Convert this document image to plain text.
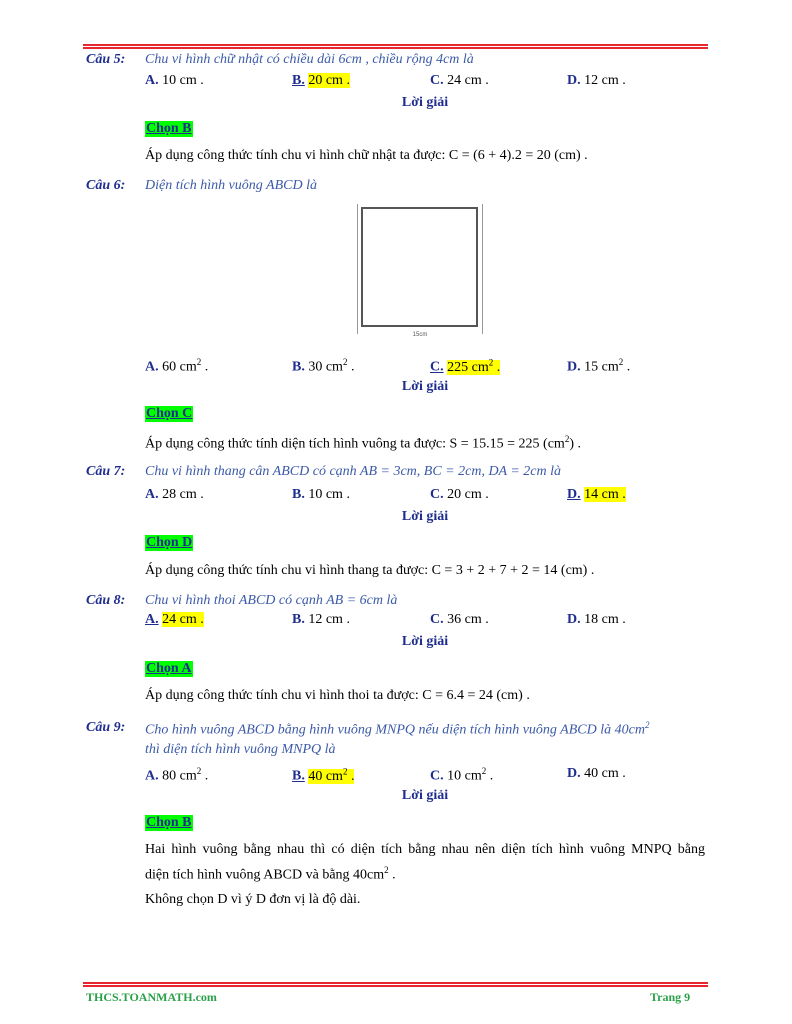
Câu 5: Chu vi hình chữ nhật có chiều dài 6cm , chiều rộng 4cm là
A. 10 cm .	B. 20 cm .	C. 24 cm .	D. 12 cm .
Lời giải
Chọn B
Áp dụng công thức tính chu vi hình chữ nhật ta được: C = (6 + 4).2 = 20 (cm) .
Câu 6: Diện tích hình vuông ABCD là
15cm
A. 60 $cm^2$ .	B. 30 $cm^2$ .	C. 225 $cm^2$ .	D. 15 $cm^2$ .
Lời giải
Chọn C
Áp dụng công thức tính diện tích hình vuông ta được: S = 15.15 = 225 $(cm^2)$ .
Câu 7: Chu vi hình thang cân ABCD có cạnh AB = 3cm, BC = 2cm, DA = 2cm là
A. 28 cm .	B. 10 cm .	C. 20 cm .	D. 14 cm .
Lời giải
Chọn D
Áp dụng công thức tính chu vi hình thang ta được: C = 3 + 2 + 7 + 2 = 14 (cm) .
Câu 8: Chu vi hình thoi ABCD có cạnh AB = 6cm là
A. 24 cm .	B. 12 cm .	C. 36 cm .	D. 18 cm .
Lời giải
Chọn A
Áp dụng công thức tính chu vi hình thoi ta được: C = 6.4 = 24 (cm) .
Câu 9: Cho hình vuông ABCD bằng hình vuông MNPQ nếu diện tích hình vuông ABCD là $40cm^2$
thì diện tích hình vuông MNPQ là
A. 80 $cm^2$ .	B. 40 $cm^2$ .	C. 10 $cm^2$ .	D. 40 cm .
Lời giải
Chọn B
Hai hình vuông bằng nhau thì có diện tích bằng nhau nên diện tích hình vuông MNPQ bằng
diện tích hình vuông ABCD và bằng $40cm^2$ .
Không chọn D vì ý D đơn vị là độ dài.
THCS.TOANMATH.com	Trang 9
